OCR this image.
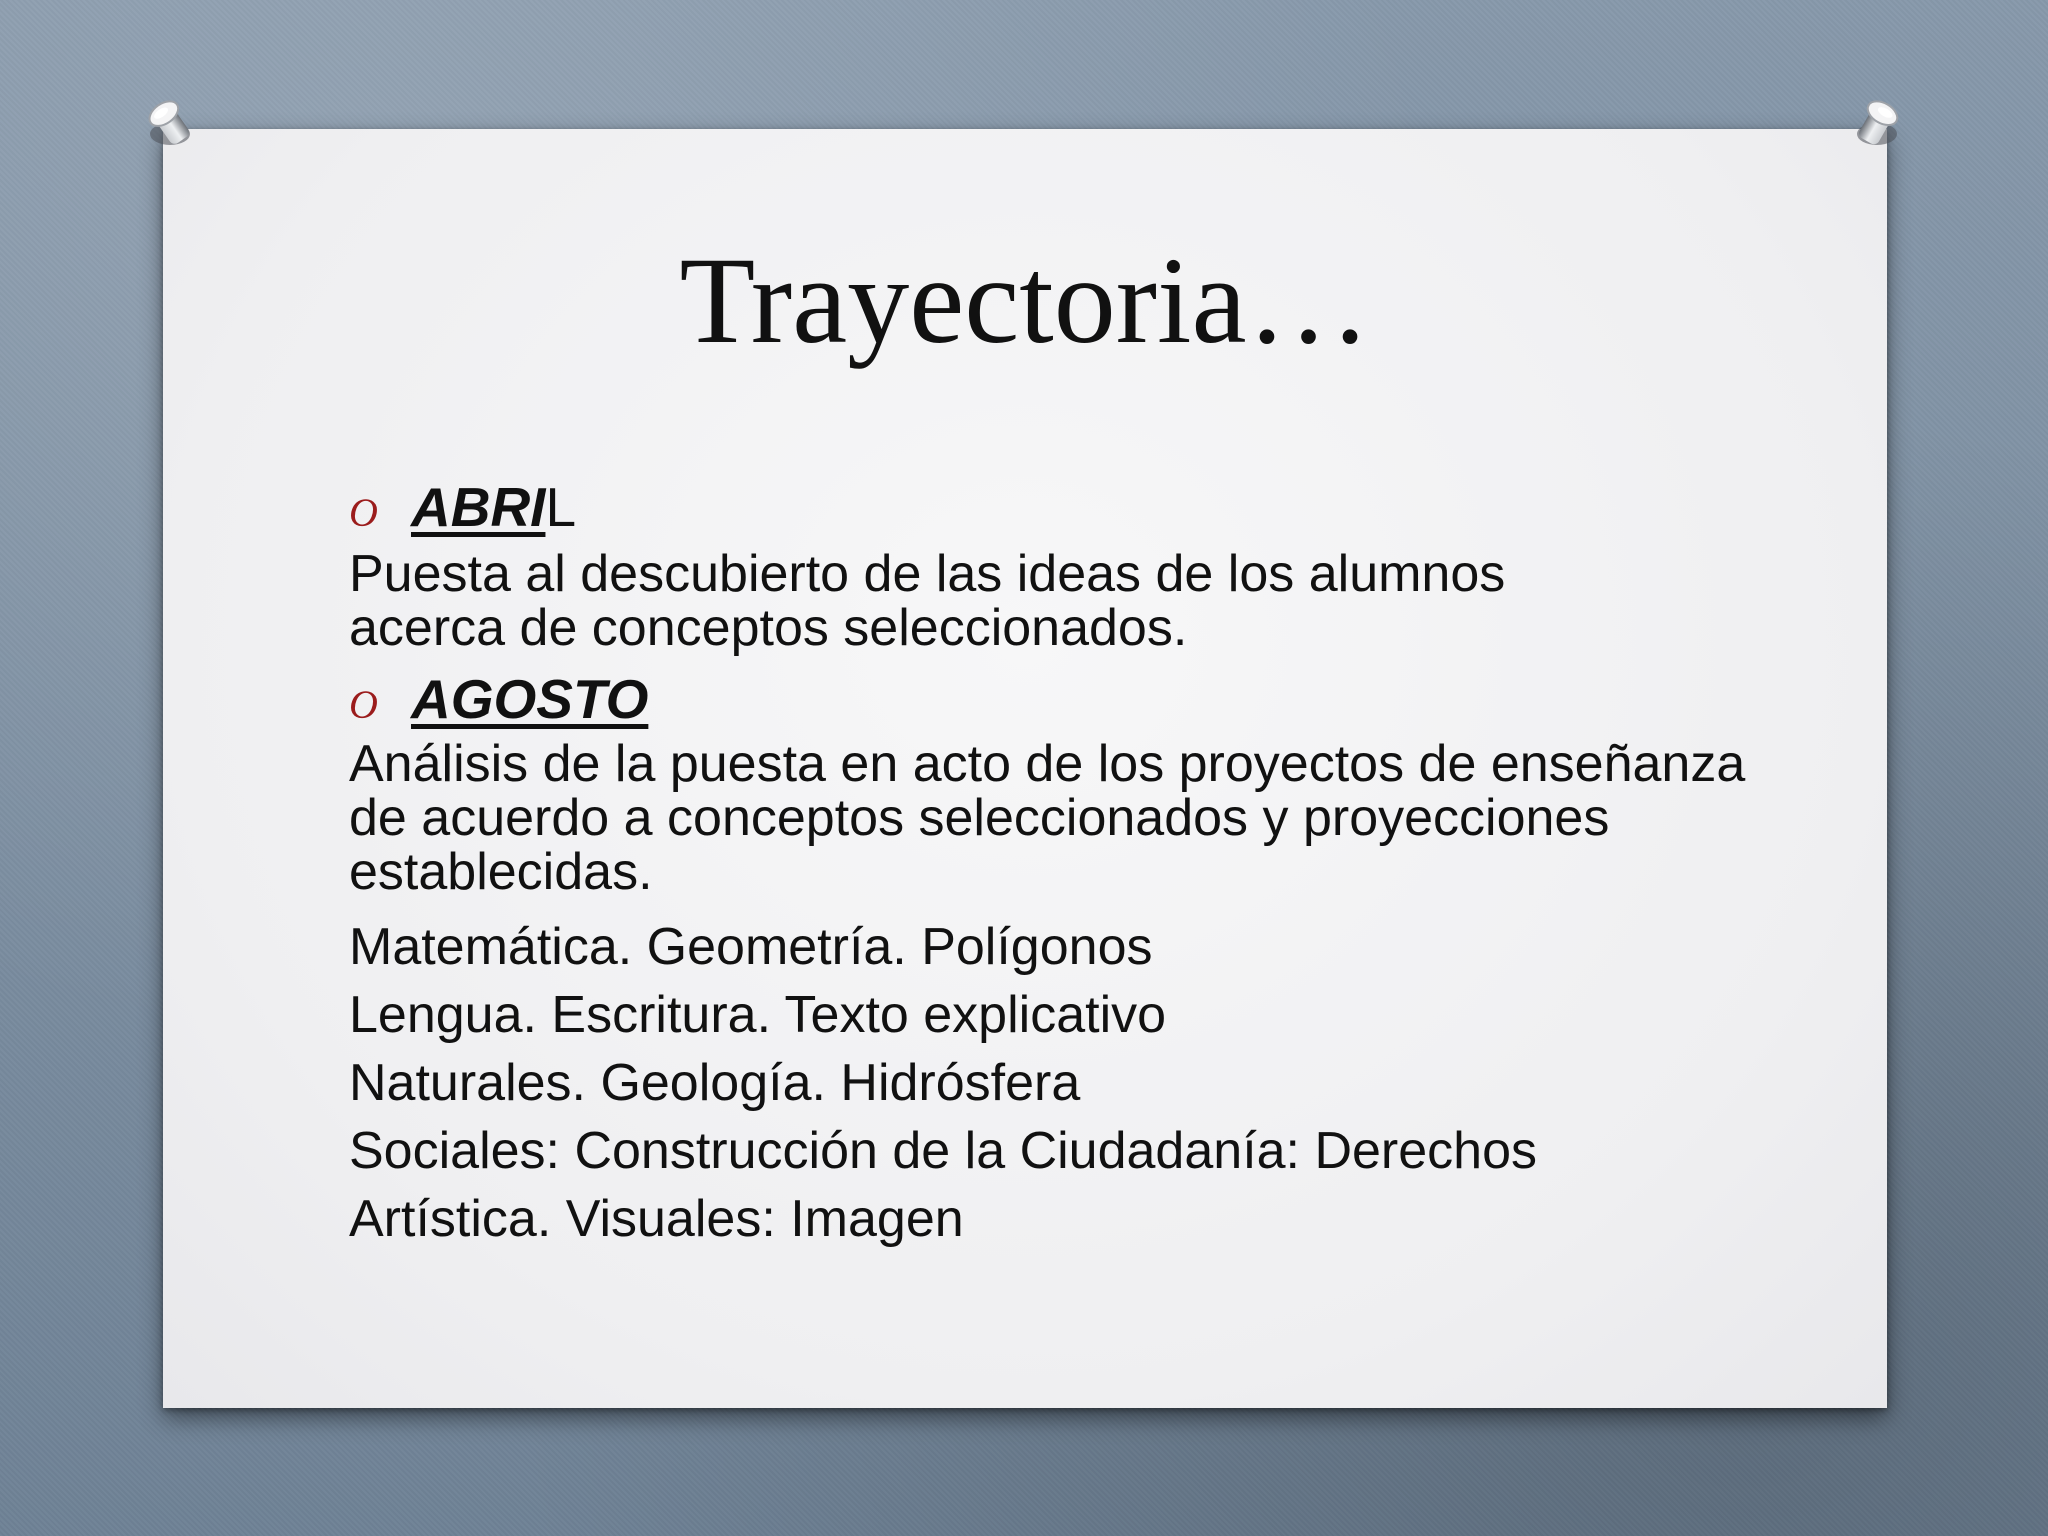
Trayectoria…
O ABRI L

Puesta al descubierto de las ideas de los alumnos acerca de conceptos seleccionados.

O AGOSTO

Análisis de la puesta en acto de los proyectos de enseñanza de acuerdo a conceptos seleccionados y proyecciones establecidas.

Matemática. Geometría. Polígonos

Lengua. Escritura. Texto explicativo

Naturales. Geología. Hidrósfera

Sociales: Construcción de la Ciudadanía: Derechos

Artística. Visuales: Imagen
